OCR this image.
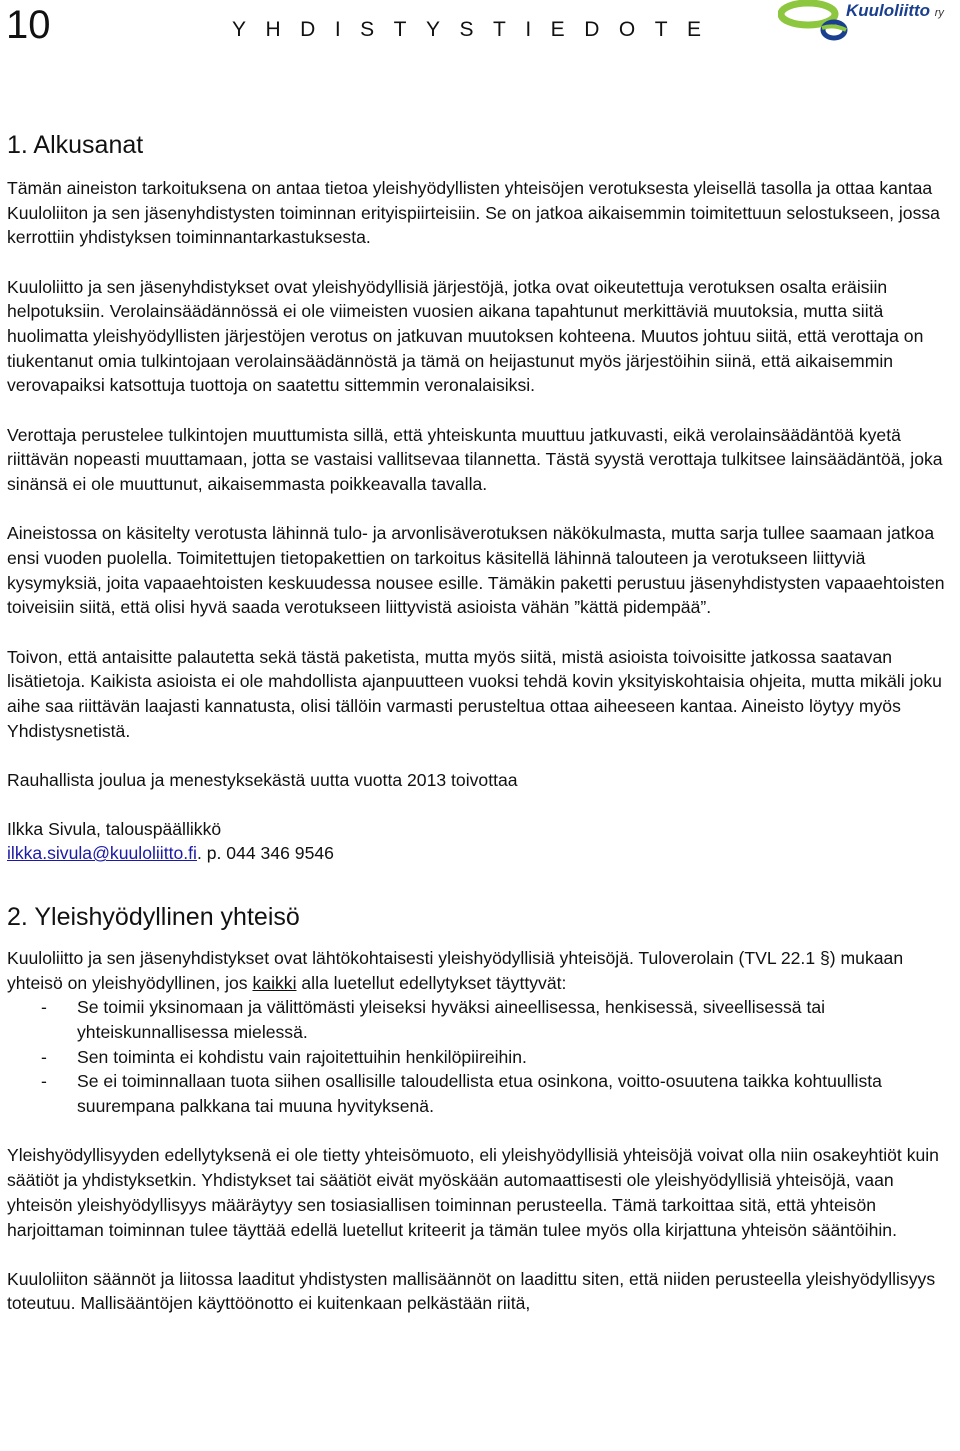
10	YHDISTYSTIEDOTE
Kuuloliitto ry
1. Alkusanat

Tämän aineiston tarkoituksena on antaa tietoa yleishyödyllisten yhteisöjen verotuksesta yleisellä tasolla ja ottaa kantaa Kuuloliiton ja sen jäsenyhdistysten toiminnan erityispiirteisiin. Se on jatkoa aikaisemmin toimitettuun selostukseen, jossa kerrottiin yhdistyksen toiminnantarkastuksesta.

Kuuloliitto ja sen jäsenyhdistykset ovat yleishyödyllisiä järjestöjä, jotka ovat oikeutettuja verotuksen osalta eräisiin helpotuksiin. Verolainsäädännössä ei ole viimeisten vuosien aikana tapahtunut merkittäviä muutoksia, mutta siitä huolimatta yleishyödyllisten järjestöjen verotus on jatkuvan muutoksen kohteena. Muutos johtuu siitä, että verottaja on tiukentanut omia tulkintojaan verolainsäädännöstä ja tämä on heijastunut myös järjestöihin siinä, että aikaisemmin verovapaiksi katsottuja tuottoja on saatettu sittemmin veronalaisiksi.

Verottaja perustelee tulkintojen muuttumista sillä, että yhteiskunta muuttuu jatkuvasti, eikä verolainsäädäntöä kyetä riittävän nopeasti muuttamaan, jotta se vastaisi vallitsevaa tilannetta. Tästä syystä verottaja tulkitsee lainsäädäntöä, joka sinänsä ei ole muuttunut, aikaisemmasta poikkeavalla tavalla.

Aineistossa on käsitelty verotusta lähinnä tulo- ja arvonlisäverotuksen näkökulmasta, mutta sarja tullee saamaan jatkoa ensi vuoden puolella. Toimitettujen tietopakettien on tarkoitus käsitellä lähinnä talouteen ja verotukseen liittyviä kysymyksiä, joita vapaaehtoisten keskuudessa nousee esille. Tämäkin paketti perustuu jäsenyhdistysten vapaaehtoisten toiveisiin siitä, että olisi hyvä saada verotukseen liittyvistä asioista vähän ”kättä pidempää”.

Toivon, että antaisitte palautetta sekä tästä paketista, mutta myös siitä, mistä asioista toivoisitte jatkossa saatavan lisätietoja. Kaikista asioista ei ole mahdollista ajanpuutteen vuoksi tehdä kovin yksityiskohtaisia ohjeita, mutta mikäli joku aihe saa riittävän laajasti kannatusta, olisi tällöin varmasti perusteltua ottaa aiheeseen kantaa. Aineisto löytyy myös Yhdistysnetistä.

Rauhallista joulua ja menestyksekästä uutta vuotta 2013 toivottaa

Ilkka Sivula, talouspäällikkö

ilkka.sivula@kuuloliitto.fi. p. 044 346 9546

2. Yleishyödyllinen yhteisö

Kuuloliitto ja sen jäsenyhdistykset ovat lähtökohtaisesti yleishyödyllisiä yhteisöjä. Tuloverolain (TVL 22.1 §) mukaan yhteisö on yleishyödyllinen, jos kaikki alla luetellut edellytykset täyttyvät:

- Se toimii yksinomaan ja välittömästi yleiseksi hyväksi aineellisessa, henkisessä, siveellisessä tai yhteiskunnallisessa mielessä.
- Sen toiminta ei kohdistu vain rajoitettuihin henkilöpiireihin.
- Se ei toiminnallaan tuota siihen osallisille taloudellista etua osinkona, voitto-osuutena taikka kohtuullista suurempana palkkana tai muuna hyvityksenä.

Yleishyödyllisyyden edellytyksenä ei ole tietty yhteisömuoto, eli yleishyödyllisiä yhteisöjä voivat olla niin osakeyhtiöt kuin säätiöt ja yhdistyksetkin. Yhdistykset tai säätiöt eivät myöskään automaattisesti ole yleishyödyllisiä yhteisöjä, vaan yhteisön yleishyödyllisyys määräytyy sen tosiasiallisen toiminnan perusteella. Tämä tarkoittaa sitä, että yhteisön harjoittaman toiminnan tulee täyttää edellä luetellut kriteerit ja tämän tulee myös olla kirjattuna yhteisön sääntöihin.

Kuuloliiton säännöt ja liitossa laaditut yhdistysten mallisäännöt on laadittu siten, että niiden perusteella yleishyödyllisyys toteutuu. Mallisääntöjen käyttöönotto ei kuitenkaan pelkästään riitä,
